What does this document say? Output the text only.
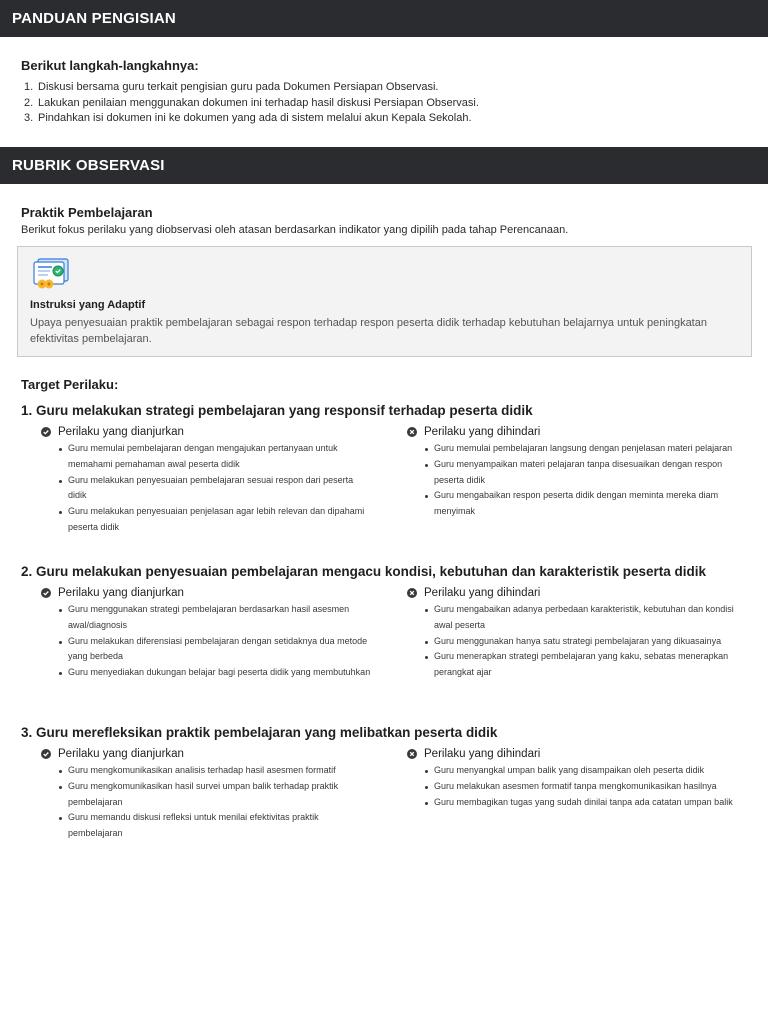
PANDUAN PENGISIAN
Berikut langkah-langkahnya:
1. Diskusi bersama guru terkait pengisian guru pada Dokumen Persiapan Observasi.
2. Lakukan penilaian menggunakan dokumen ini terhadap hasil diskusi Persiapan Observasi.
3. Pindahkan isi dokumen ini ke dokumen yang ada di sistem melalui akun Kepala Sekolah.
RUBRIK OBSERVASI
Praktik Pembelajaran

Berikut fokus perilaku yang diobservasi oleh atasan berdasarkan indikator yang dipilih pada tahap Perencanaan.

Instruksi yang Adaptif

Upaya penyesuaian praktik pembelajaran sebagai respon terhadap respon peserta didik terhadap kebutuhan belajarnya untuk peningkatan efektivitas pembelajaran.

Target Perilaku:
1. Guru melakukan strategi pembelajaran yang responsif terhadap peserta didik
Perilaku yang dianjurkan
Guru memulai pembelajaran dengan mengajukan pertanyaan untuk memahami pemahaman awal peserta didik
Guru melakukan penyesuaian pembelajaran sesuai respon dari peserta didik
Guru melakukan penyesuaian penjelasan agar lebih relevan dan dipahami peserta didik
Perilaku yang dihindari
Guru memulai pembelajaran langsung dengan penjelasan materi pelajaran
Guru menyampaikan materi pelajaran tanpa disesuaikan dengan respon peserta didik
Guru mengabaikan respon peserta didik dengan meminta mereka diam menyimak
2. Guru melakukan penyesuaian pembelajaran mengacu kondisi, kebutuhan dan karakteristik peserta didik
Perilaku yang dianjurkan
Guru menggunakan strategi pembelajaran berdasarkan hasil asesmen awal/diagnosis
Guru melakukan diferensiasi pembelajaran dengan setidaknya dua metode yang berbeda
Guru menyediakan dukungan belajar bagi peserta didik yang membutuhkan
Perilaku yang dihindari
Guru mengabaikan adanya perbedaan karakteristik, kebutuhan dan kondisi awal peserta
Guru menggunakan hanya satu strategi pembelajaran yang dikuasainya
Guru menerapkan strategi pembelajaran yang kaku, sebatas menerapkan perangkat ajar
3. Guru merefleksikan praktik pembelajaran yang melibatkan peserta didik
Perilaku yang dianjurkan
Guru mengkomunikasikan analisis terhadap hasil asesmen formatif
Guru mengkomunikasikan hasil survei umpan balik terhadap praktik pembelajaran
Guru memandu diskusi refleksi untuk menilai efektivitas praktik pembelajaran
Perilaku yang dihindari
Guru menyangkal umpan balik yang disampaikan oleh peserta didik
Guru melakukan asesmen formatif tanpa mengkomunikasikan hasilnya
Guru membagikan tugas yang sudah dinilai tanpa ada catatan umpan balik
